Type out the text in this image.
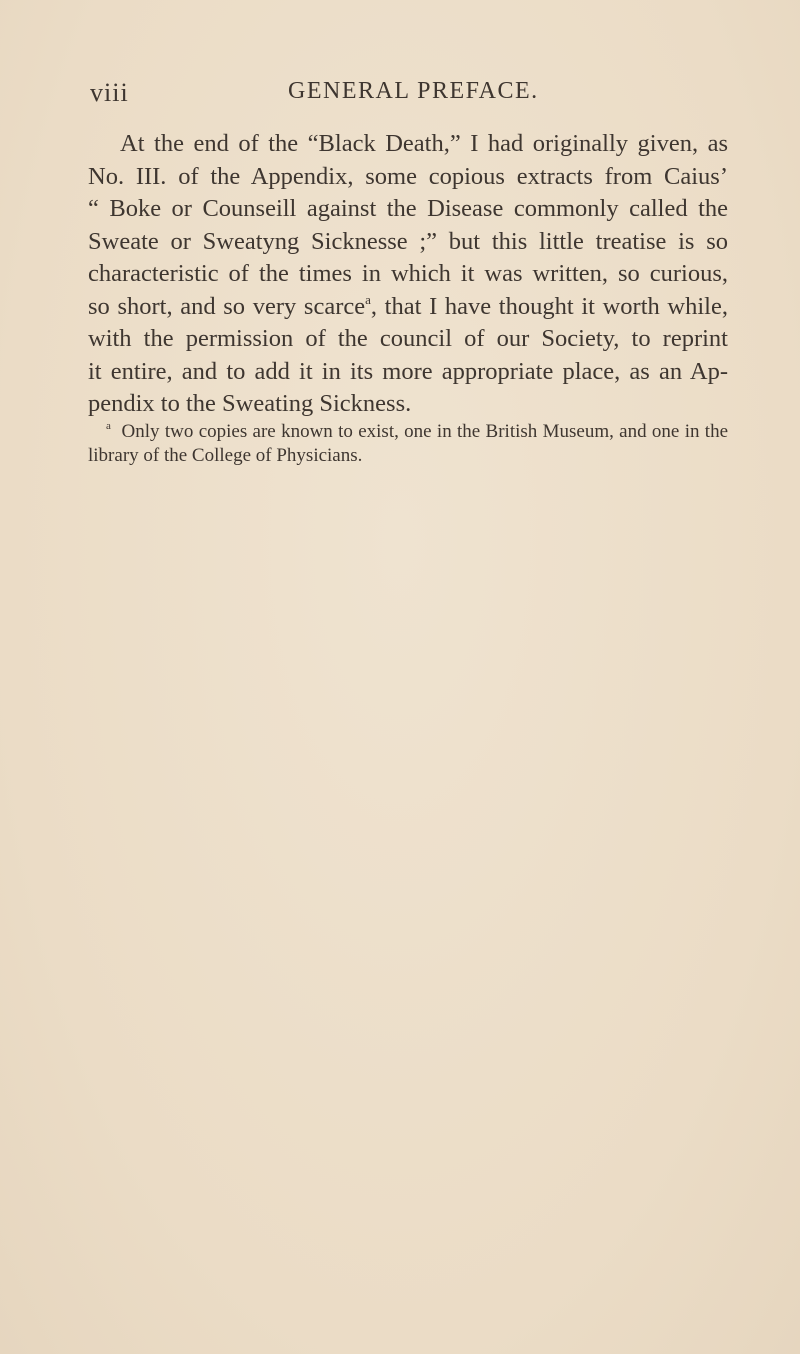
viii	GENERAL PREFACE.
At the end of the “Black Death,” I had originally given, as
No. III. of the Appendix, some copious extracts from Caius’
“ Boke or Counseill against the Disease commonly called the
Sweate or Sweatyng Sicknesse ;” but this little treatise is so
characteristic of the times in which it was written, so curious,
so short, and so very scarce$^a$, that I have thought it worth while,
with the permission of the council of our Society, to reprint
it entire, and to add it in its more appropriate place, as an Ap-
pendix to the Sweating Sickness.
$^a$ Only two copies are known to exist, one in the British Museum, and one in the
library of the College of Physicians.
